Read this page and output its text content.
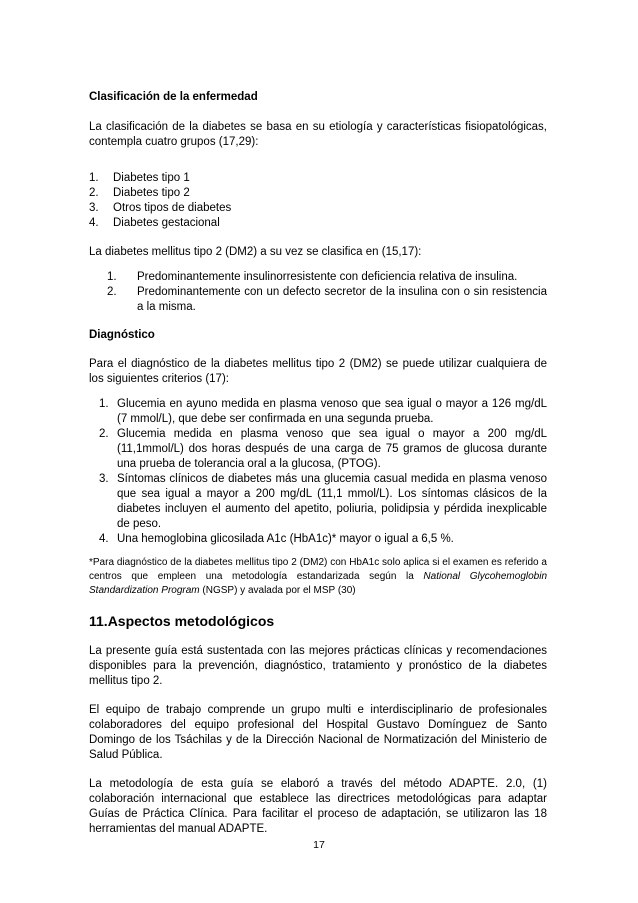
Clasificación de la enfermedad

La clasificación de la diabetes se basa en su etiología y características fisiopatológicas, contempla cuatro grupos (17,29):

1.	Diabetes tipo 1
2.	Diabetes tipo 2
3.	Otros tipos de diabetes
4.	Diabetes gestacional

La diabetes mellitus tipo 2 (DM2) a su vez se clasifica en (15,17):

1.	Predominantemente insulinorresistente con deficiencia relativa de insulina.
2.	Predominantemente con un defecto secretor de la insulina con o sin resistencia a la misma.
Diagnóstico

Para el diagnóstico de la diabetes mellitus tipo 2 (DM2) se puede utilizar cualquiera de los siguientes criterios (17):

1. Glucemia en ayuno medida en plasma venoso que sea igual o mayor a 126 mg/dL (7 mmol/L), que debe ser confirmada en una segunda prueba.
2. Glucemia medida en plasma venoso que sea igual o mayor a 200 mg/dL (11,1mmol/L) dos horas después de una carga de 75 gramos de glucosa durante una prueba de tolerancia oral a la glucosa, (PTOG).
3. Síntomas clínicos de diabetes más una glucemia casual medida en plasma venoso que sea igual a mayor a 200 mg/dL (11,1 mmol/L). Los síntomas clásicos de la diabetes incluyen el aumento del apetito, poliuria, polidipsia y pérdida inexplicable de peso.
4. Una hemoglobina glicosilada A1c (HbA1c)* mayor o igual a 6,5 %.

*Para diagnóstico de la diabetes mellitus tipo 2 (DM2) con HbA1c solo aplica si el examen es referido a centros que empleen una metodología estandarizada según la National Glycohemoglobin Standardization Program (NGSP) y avalada por el MSP (30)

11.Aspectos metodológicos

La presente guía está sustentada con las mejores prácticas clínicas y recomendaciones disponibles para la prevención, diagnóstico, tratamiento y pronóstico de la diabetes mellitus tipo 2.

El equipo de trabajo comprende un grupo multi e interdisciplinario de profesionales colaboradores del equipo profesional del Hospital Gustavo Domínguez de Santo Domingo de los Tsáchilas y de la Dirección Nacional de Normatización del Ministerio de Salud Pública.

La metodología de esta guía se elaboró a través del método ADAPTE. 2.0, (1) colaboración internacional que establece las directrices metodológicas para adaptar Guías de Práctica Clínica. Para facilitar el proceso de adaptación, se utilizaron las 18 herramientas del manual ADAPTE.

17
